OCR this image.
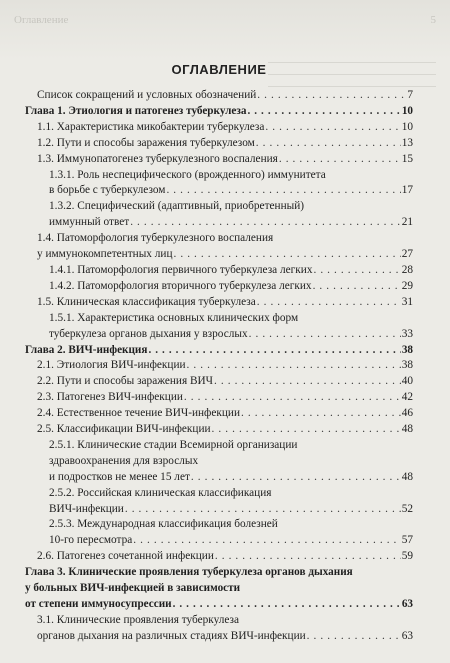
Оглавление	5
ОГЛАВЛЕНИЕ
Список сокращений и условных обозначений . . .	7
Глава 1. Этиология и патогенез туберкулеза . . .	10
1.1. Характеристика микобактерии туберкулеза . . .	10
1.2. Пути и способы заражения туберкулезом . . .	13
1.3. Иммунопатогенез туберкулезного воспаления . . .	15
1.3.1. Роль неспецифического (врожденного) иммунитета
в борьбе с туберкулезом . . .	17
1.3.2. Специфический (адаптивный, приобретенный)
иммунный ответ . . .	21
1.4. Патоморфология туберкулезного воспаления
у иммунокомпетентных лиц . . .	27
1.4.1. Патоморфология первичного туберкулеза легких . . .	28
1.4.2. Патоморфология вторичного туберкулеза легких . . .	29
1.5. Клиническая классификация туберкулеза . . .	31
1.5.1. Характеристика основных клинических форм
туберкулеза органов дыхания у взрослых . . .	33
Глава 2. ВИЧ-инфекция . . .	38
2.1. Этиология ВИЧ-инфекции . . .	38
2.2. Пути и способы заражения ВИЧ . . .	40
2.3. Патогенез ВИЧ-инфекции . . .	42
2.4. Естественное течение ВИЧ-инфекции . . .	46
2.5. Классификации ВИЧ-инфекции . . .	48
2.5.1. Клинические стадии Всемирной организации
здравоохранения для взрослых
и подростков не менее 15 лет . . .	48
2.5.2. Российская клиническая классификация
ВИЧ-инфекции . . .	52
2.5.3. Международная классификация болезней
10-го пересмотра . . .	57
2.6. Патогенез сочетанной инфекции . . .	59
Глава 3. Клинические проявления туберкулеза органов дыхания
у больных ВИЧ-инфекцией в зависимости
от степени иммуносупрессии . . .	63
3.1. Клинические проявления туберкулеза
органов дыхания на различных стадиях ВИЧ-инфекции . . .	63
